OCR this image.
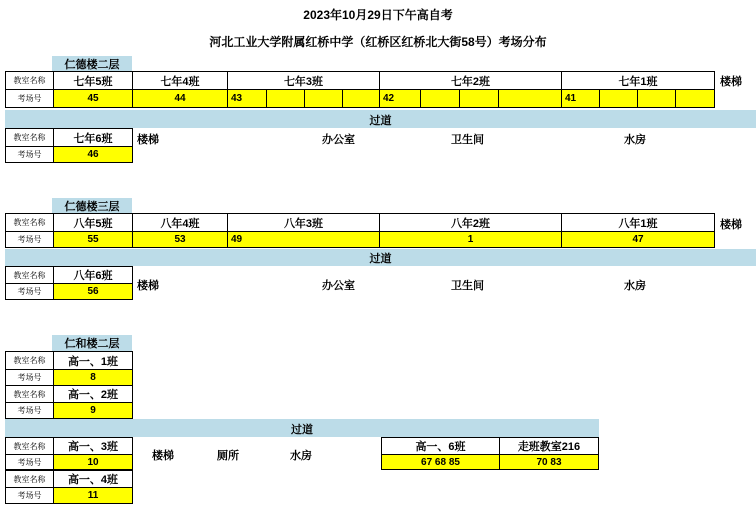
2023年10月29日下午高自考
河北工业大学附属红桥中学（红桥区红桥北大街58号）考场分布
仁德楼二层
教室名称	七年5班	七年4班	七年3班	七年2班	七年1班	楼梯
考场号	45	44	43	42	41
过道
教室名称	七年6班
考场号	46
楼梯	办公室	卫生间	水房
仁德楼三层
教室名称	八年5班	八年4班	八年3班	八年2班	八年1班	楼梯
考场号	55	53	49	1	47
过道
教室名称	八年6班
考场号	56	楼梯	办公室	卫生间	水房
仁和楼二层
教室名称	高一、1班
考场号	8
教室名称	高一、2班
考场号	9
过道
教室名称	高一、3班
考场号	10
教室名称	高一、4班
考场号	11
楼梯	厕所	水房
高一、6班	走班教室216
67 68 85	70 83
